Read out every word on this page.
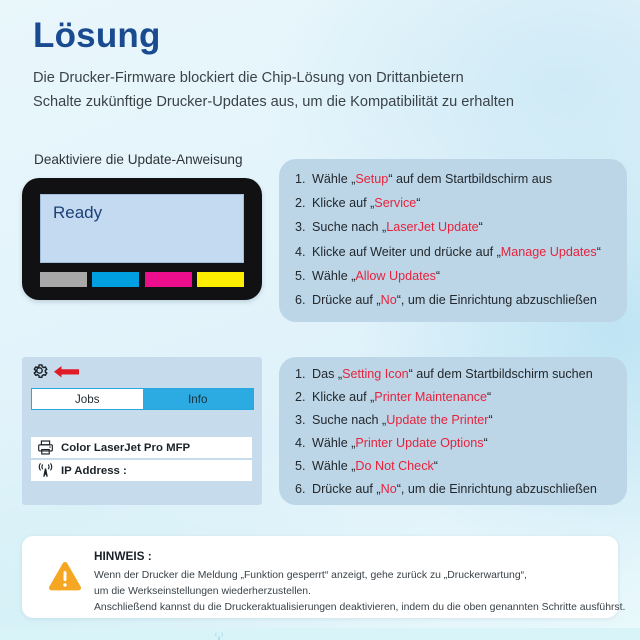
Lösung
Die Drucker-Firmware blockiert die Chip-Lösung von Drittanbietern
Schalte zukünftige Drucker-Updates aus, um die Kompatibilität zu erhalten
Deaktiviere die Update-Anweisung
Ready
Wähle „Setup“ auf dem Startbildschirm aus
Klicke auf „Service“
Suche nach „LaserJet Update“
Klicke auf Weiter und drücke auf „Manage Updates“
Wähle „Allow Updates“
Drücke auf „No“, um die Einrichtung abzuschließen
Jobs	Info
Color LaserJet Pro MFP
IP Address :
Das „Setting Icon“ auf dem Startbildschirm suchen
Klicke auf „Printer Maintenance“
Suche nach „Update the Printer“
Wähle „Printer Update Options“
Wähle „Do Not Check“
Drücke auf „No“, um die Einrichtung abzuschließen
HINWEIS :
Wenn der Drucker die Meldung „Funktion gesperrt“ anzeigt, gehe zurück zu „Druckerwartung“,
um die Werkseinstellungen wiederherzustellen.
Anschließend kannst du die Druckeraktualisierungen deaktivieren, indem du die oben genannten Schritte ausführst.
